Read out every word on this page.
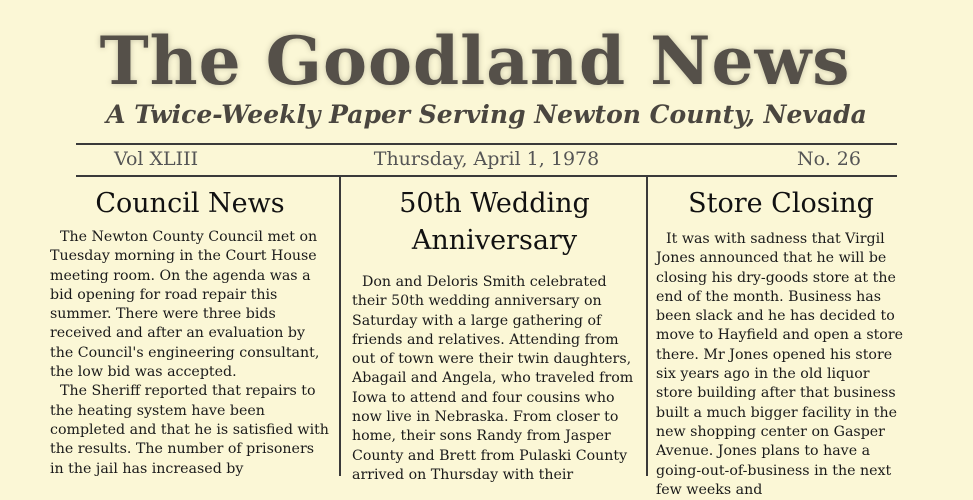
The Goodland News
A Twice-Weekly Paper Serving Newton County, Nevada
Vol XLIII	Thursday, April 1, 1978	No. 26
Council News

The Newton County Council met on Tuesday morning in the Court House meeting room. On the agenda was a bid opening for road repair this summer. There were three bids received and after an evaluation by the Council's engineering consultant, the low bid was accepted.

The Sheriff reported that repairs to the heating system have been completed and that he is satisfied with the results. The number of prisoners in the jail has increased by

50th Wedding Anniversary

Don and Deloris Smith celebrated their 50th wedding anniversary on Saturday with a large gathering of friends and relatives. Attending from out of town were their twin daughters, Abagail and Angela, who traveled from Iowa to attend and four cousins who now live in Nebraska. From closer to home, their sons Randy from Jasper County and Brett from Pulaski County arrived on Thursday with their

Store Closing

It was with sadness that Virgil Jones announced that he will be closing his dry-goods store at the end of the month. Business has been slack and he has decided to move to Hayfield and open a store there. Mr Jones opened his store six years ago in the old liquor store building after that business built a much bigger facility in the new shopping center on Gasper Avenue. Jones plans to have a going-out-of-business in the next few weeks and
